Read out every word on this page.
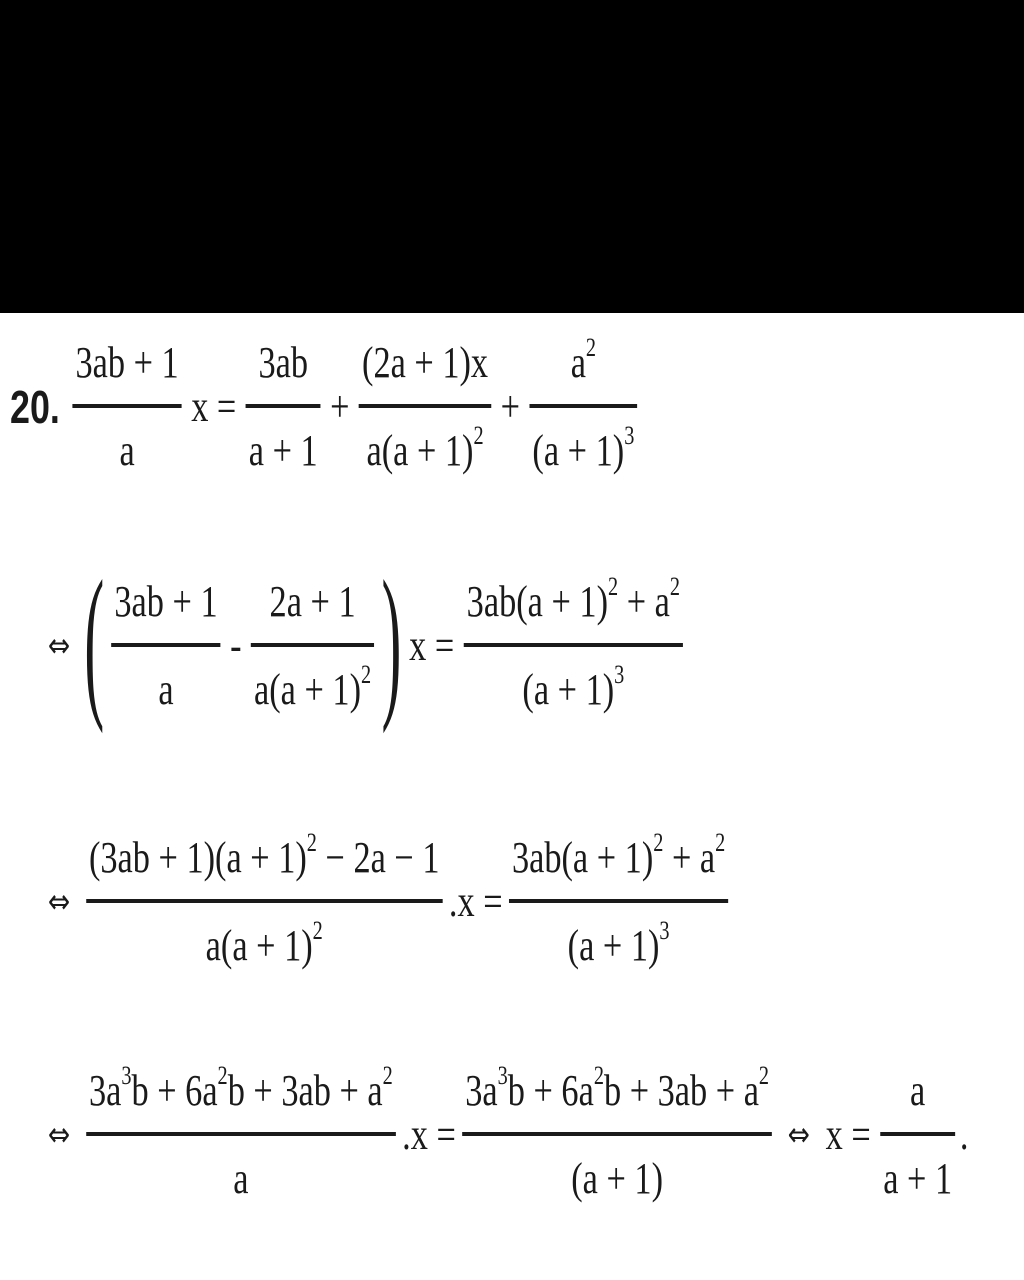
20. $\frac{3ab + 1}{a}$ $x = \frac{3ab}{a + 1} + \frac{(2a + 1)x}{a(a + 1)^2} + \frac{a^2}{(a + 1)^3}$
⇔ ( $\frac{3ab + 1}{a} - \frac{2a + 1}{a(a + 1)^2}$ ) $x = \frac{3ab(a + 1)^2 + a^2}{(a + 1)^3}$
⇔ $\frac{(3ab + 1)(a + 1)^2 - 2a - 1}{a(a + 1)^2} .x = \frac{3ab(a + 1)^2 + a^2}{(a + 1)^3}$
⇔ $\frac{3a^3b + 6a^2b + 3ab + a^2}{a} .x = \frac{3a^3b + 6a^2b + 3ab + a^2}{(a + 1)}$ ⇔ $x = \frac{a}{a + 1}$ .
